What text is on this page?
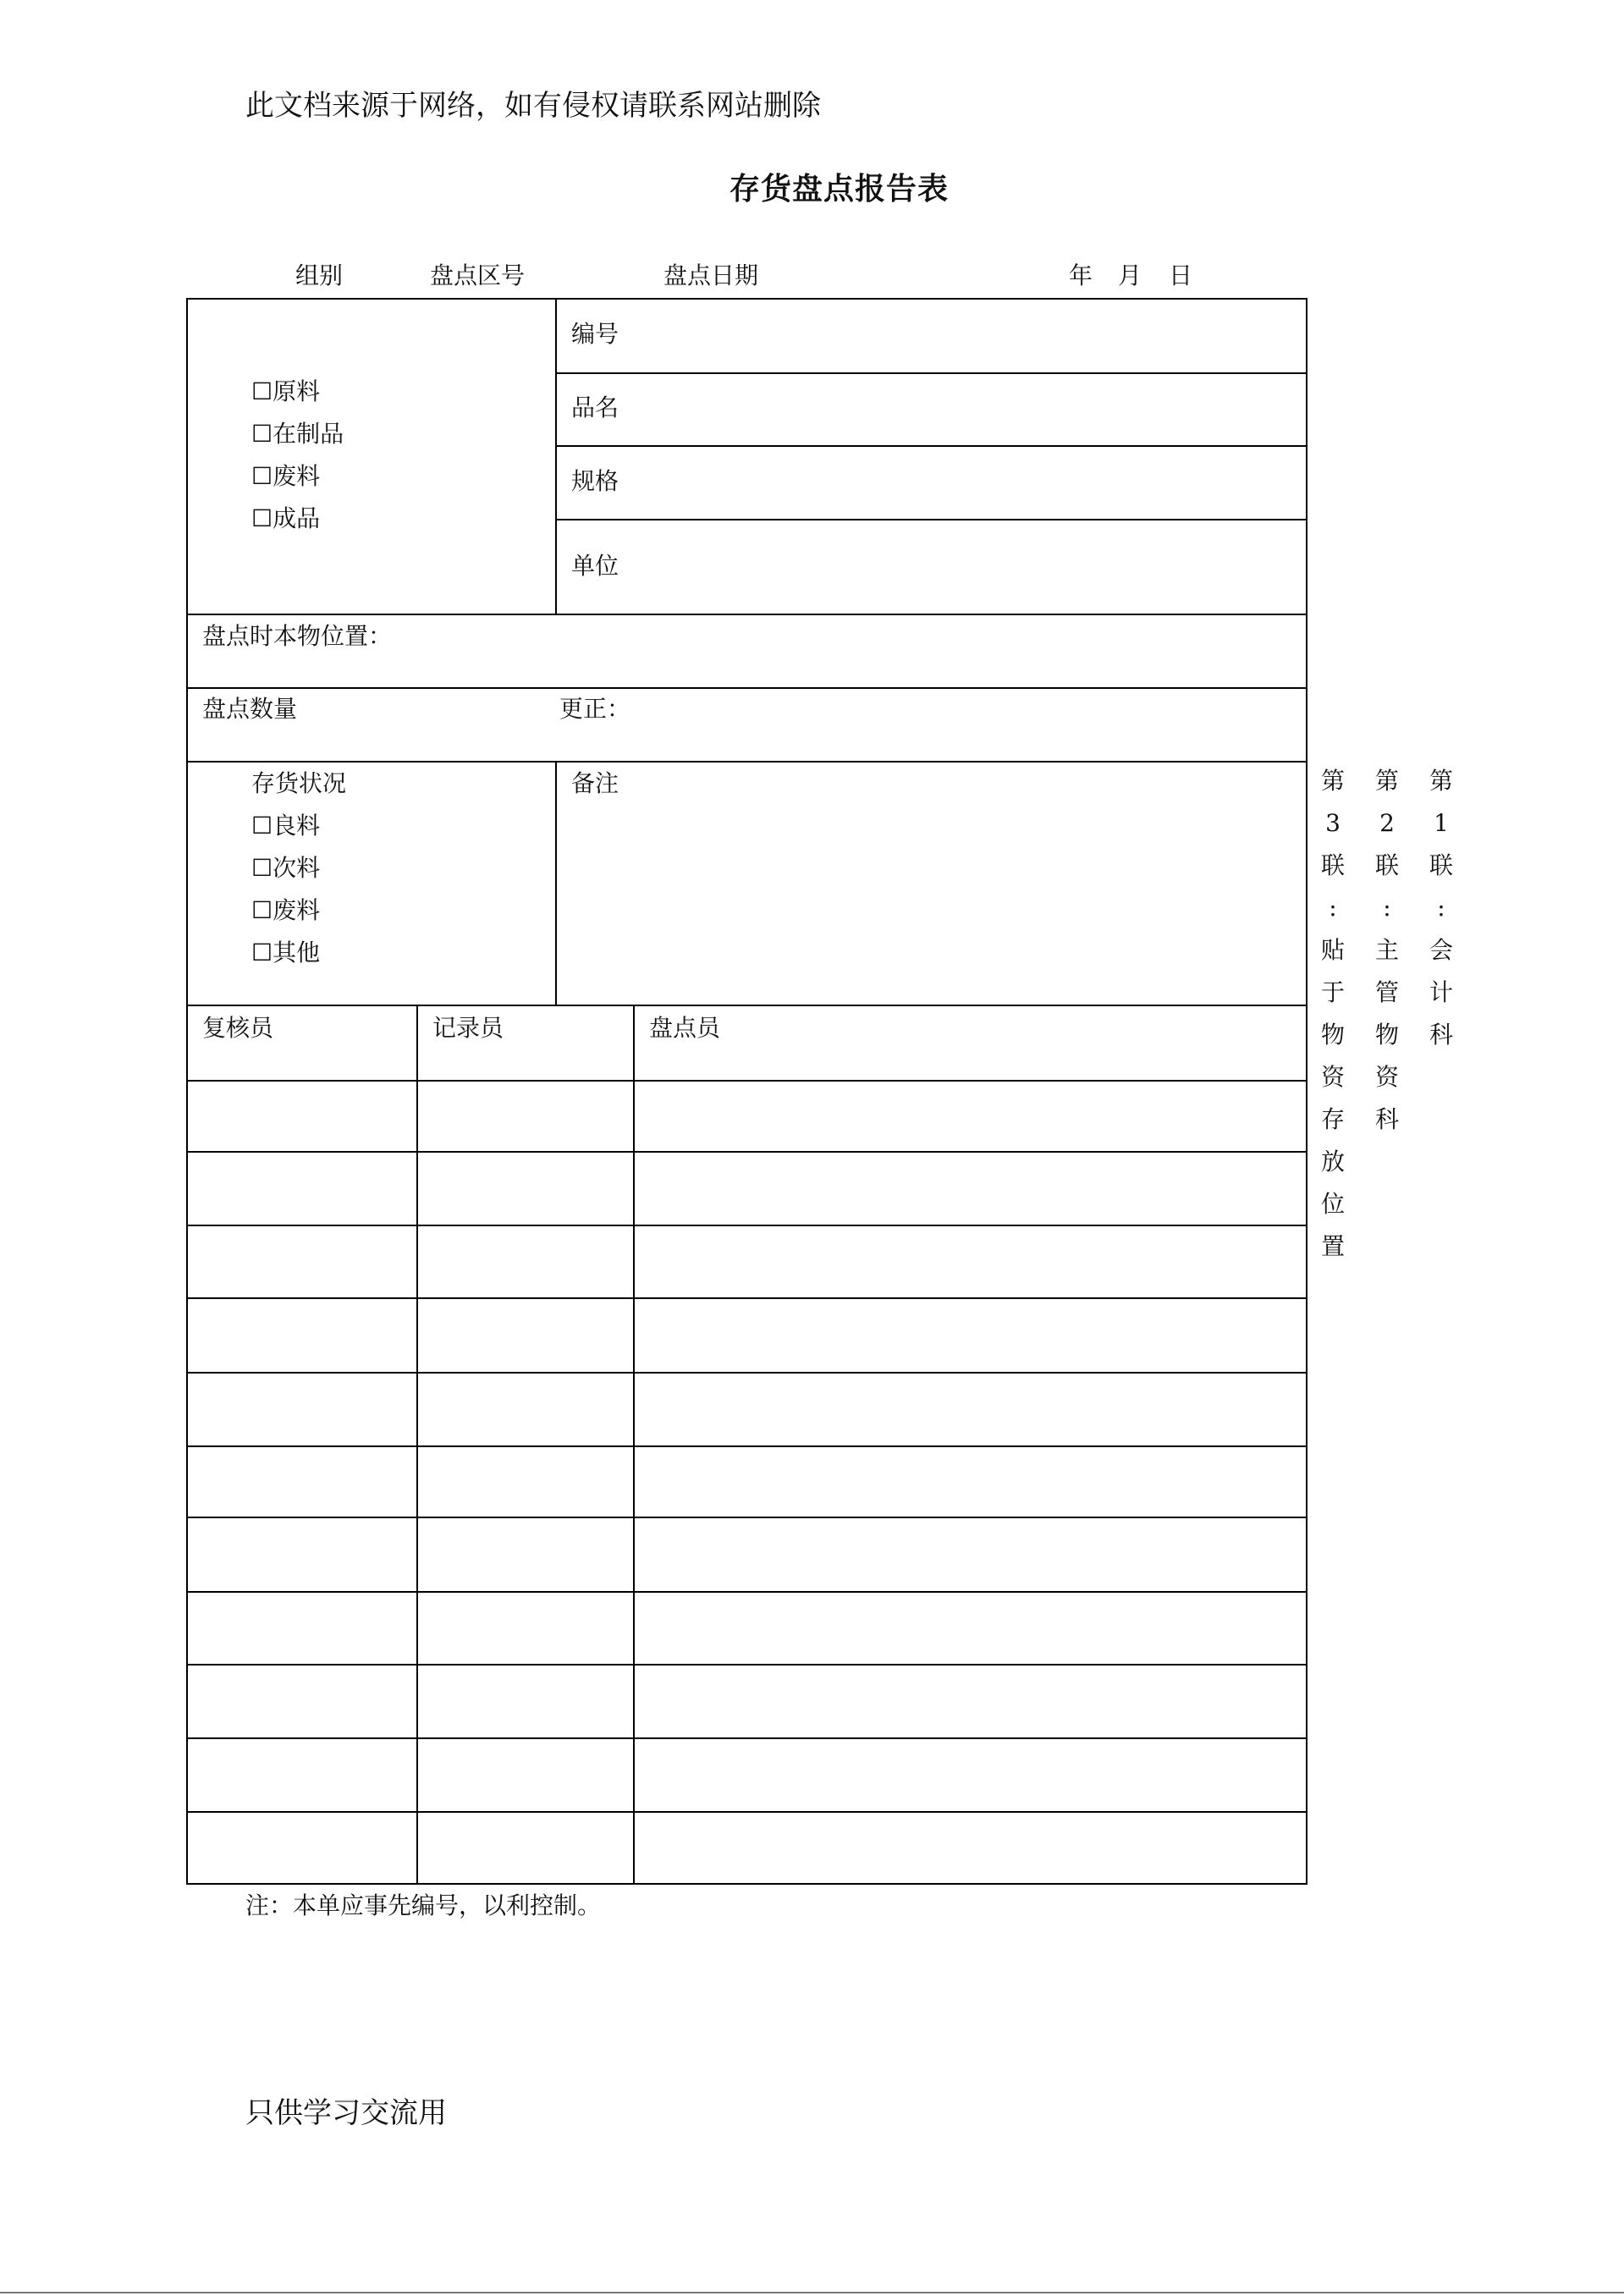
此文档来源于网络，如有侵权请联系网站删除
存货盘点报告表
组别	盘点区号	盘点日期	年 月 日
☐原料
☐在制品
☐废料
☐成品
编号
品名
规格
单位
盘点时本物位置：
盘点数量	更正：
存货状况
☐良料
☐次料
☐废料
☐其他
备注
复核员	记录员	盘点员
第
3
联
:
贴
于
物
资
存
放
位
置
第
2
联
:
主
管
物
资
科
第
1
联
:
会
计
科
注：本单应事先编号，以利控制。
只供学习交流用
